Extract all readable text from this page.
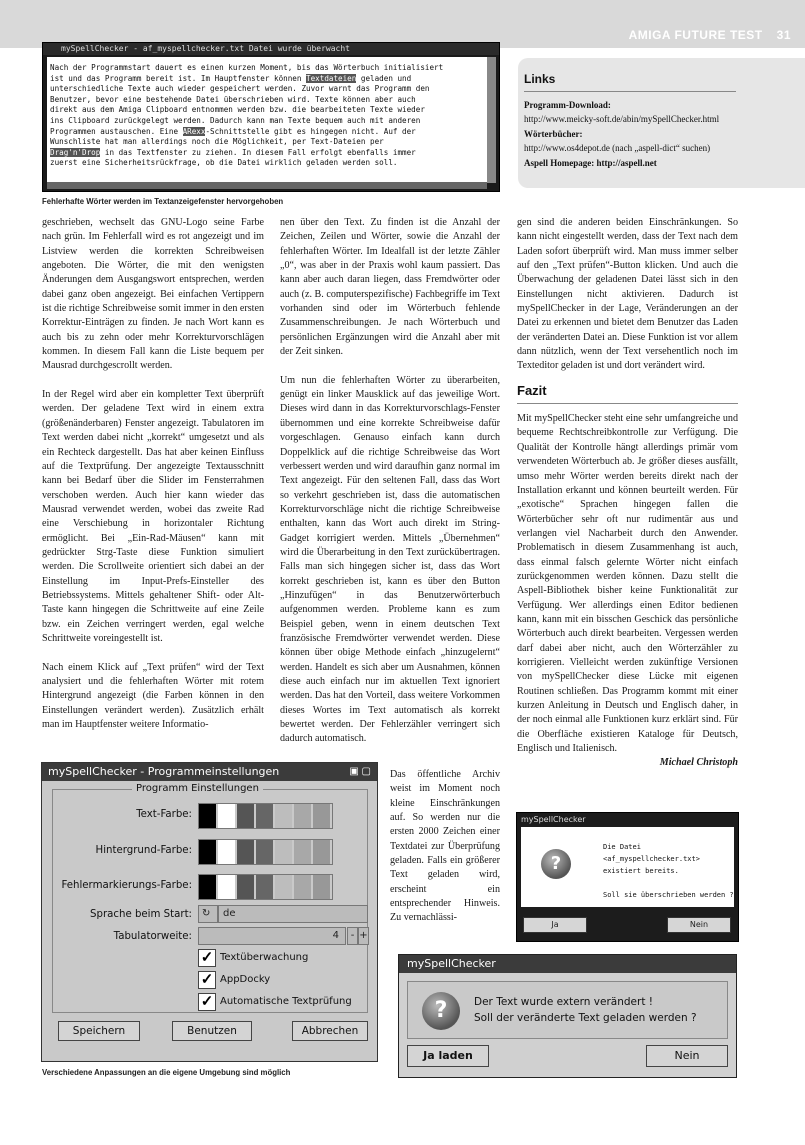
AMIGA FUTURE TEST 31
mySpellChecker - af_myspellchecker.txt Datei wurde überwacht
Nach der Programmstart dauert es einen kurzen Moment, bis das Wörterbuch initialisiert
ist und das Programm bereit ist. Im Hauptfenster können Textdateien geladen und
unterschiedliche Texte auch wieder gespeichert werden. Zuvor warnt das Programm den
Benutzer, bevor eine bestehende Datei überschrieben wird. Texte können aber auch
direkt aus dem Amiga Clipboard entnommen werden bzw. die bearbeiteten Texte wieder
ins Clipboard zurückgelegt werden. Dadurch kann man Texte bequem auch mit anderen
Programmen austauschen. Eine ARexx-Schnittstelle gibt es hingegen nicht. Auf der
Wunschliste hat man allerdings noch die Möglichkeit, per Text-Dateien per
Drag'n'Drop in das Textfenster zu ziehen. In diesem Fall erfolgt ebenfalls immer
zuerst eine Sicherheitsrückfrage, ob die Datei wirklich geladen werden soll.
Fehlerhafte Wörter werden im Textanzeigefenster hervorgehoben
Links
Programm-Download:
http://www.meicky-soft.de/abin/mySpellChecker.html
Wörterbücher:
http://www.os4depot.de (nach „aspell-dict“ suchen)
Aspell Homepage: http://aspell.net

geschrieben, wechselt das GNU-Logo seine Farbe nach grün. Im Fehlerfall wird es rot angezeigt und im Listview werden die korrekten Schreibweisen angeboten. Die Wörter, die mit den wenigsten Änderungen dem Ausgangswort entsprechen, werden dabei ganz oben angezeigt. Bei einfachen Vertippern ist die richtige Schreibweise somit immer in den ersten Korrektur-Einträgen zu finden. Je nach Wort kann es auch bis zu zehn oder mehr Korrekturvorschlägen kommen. In diesem Fall kann die Liste bequem per Mausrad durchgescrollt werden.

In der Regel wird aber ein kompletter Text überprüft werden. Der geladene Text wird in einem extra (größenänderbaren) Fenster angezeigt. Tabulatoren im Text werden dabei nicht „korrekt“ umgesetzt und als ein Rechteck dargestellt. Das hat aber keinen Einfluss auf die Textprüfung. Der angezeigte Textausschnitt kann bei Bedarf über die Slider im Fensterrahmen verschoben werden. Auch hier kann wieder das Mausrad verwendet werden, wobei das zweite Rad eine Verschiebung in horizontaler Richtung ermöglicht. Bei „Ein-Rad-Mäusen“ kann mit gedrückter Strg-Taste diese Funktion simuliert werden. Die Scrollweite orientiert sich dabei an der Einstellung im Input-Prefs-Einsteller des Betriebssystems. Mittels gehaltener Shift- oder Alt-Taste kann hingegen die Schrittweite auf eine Zeile bzw. ein Zeichen verringert werden, egal welche Schrittweite voreingestellt ist.

Nach einem Klick auf „Text prüfen“ wird der Text analysiert und die fehlerhaften Wörter mit rotem Hintergrund angezeigt (die Farben können in den Einstellungen verändert werden). Zusätzlich erhält man im Hauptfenster weitere Informatio-

nen über den Text. Zu finden ist die Anzahl der Zeichen, Zeilen und Wörter, sowie die Anzahl der fehlerhaften Wörter. Im Idealfall ist der letzte Zähler „0“, was aber in der Praxis wohl kaum passiert. Das kann aber auch daran liegen, dass Fremdwörter oder auch (z. B. computerspezifische) Fachbegriffe im Text vorhanden sind oder im Wörterbuch fehlende Zusammenschreibungen. Je nach Wörterbuch und persönlichen Ergänzungen wird die Anzahl aber mit der Zeit sinken.

Um nun die fehlerhaften Wörter zu überarbeiten, genügt ein linker Mausklick auf das jeweilige Wort. Dieses wird dann in das Korrekturvorschlags-Fenster übernommen und eine korrekte Schreibweise dafür vorgeschlagen. Genauso einfach kann durch Doppelklick auf die richtige Schreibweise das Wort verbessert werden und wird daraufhin ganz normal im Text angezeigt. Für den seltenen Fall, dass das Wort so verkehrt geschrieben ist, dass die automatischen Korrekturvorschläge nicht die richtige Schreibweise enthalten, kann das Wort auch direkt im String-Gadget korrigiert werden. Mittels „Übernehmen“ wird die Überarbeitung in den Text zurückübertragen. Falls man sich hingegen sicher ist, dass das Wort korrekt geschrieben ist, kann es über den Button „Hinzufügen“ in das Benutzerwörterbuch aufgenommen werden. Probleme kann es zum Beispiel geben, wenn in einem deutschen Text französische Fremdwörter verwendet werden. Diese können über obige Methode einfach „hinzugelernt“ werden. Handelt es sich aber um Ausnahmen, können diese auch einfach nur im aktuellen Text ignoriert werden. Das hat den Vorteil, dass weitere Vorkommen dieses Wortes im Text automatisch als korrekt bewertet werden. Der Fehlerzähler verringert sich dadurch automatisch.

gen sind die anderen beiden Einschränkungen. So kann nicht eingestellt werden, dass der Text nach dem Laden sofort überprüft wird. Man muss immer selber auf den „Text prüfen“-Button klicken. Und auch die Überwachung der geladenen Datei lässt sich in den Einstellungen nicht aktivieren. Dadurch ist mySpellChecker in der Lage, Veränderungen an der Datei zu erkennen und bietet dem Benutzer das Laden der veränderten Datei an. Diese Funktion ist vor allem dann nützlich, wenn der Text versehentlich noch im Texteditor geladen ist und dort verändert wird.

Fazit

Mit mySpellChecker steht eine sehr umfangreiche und bequeme Rechtschreibkontrolle zur Verfügung. Die Qualität der Kontrolle hängt allerdings primär vom verwendeten Wörterbuch ab. Je größer dieses ausfällt, umso mehr Wörter werden bereits direkt nach der Installation erkannt und können beurteilt werden. Für „exotische“ Sprachen hingegen fallen die Wörterbücher sehr oft nur rudimentär aus und verlangen viel Nacharbeit durch den Anwender. Problematisch in diesem Zusammenhang ist auch, dass einmal falsch gelernte Wörter nicht einfach zurückgenommen werden können. Dazu stellt die Aspell-Bibliothek bisher keine Funktionalität zur Verfügung. Wer allerdings einen Editor bedienen kann, kann mit ein bisschen Geschick das persönliche Wörterbuch auch direkt bearbeiten. Vergessen werden darf dabei aber nicht, auch den Wörterzähler zu korrigieren. Vielleicht werden zukünftige Versionen von mySpellChecker diese Lücke mit eigenen Routinen schließen. Das Programm kommt mit einer kurzen Anleitung in Deutsch und Englisch daher, in der noch einmal alle Funktionen kurz erklärt sind. Für die Oberfläche existieren Kataloge für Deutsch, Englisch und Italienisch.

Michael Christoph
Das öffentliche Archiv weist im Moment noch kleine Einschränkungen auf. So werden nur die ersten 2000 Zeichen einer Textdatei zur Überprüfung geladen. Falls ein größerer Text geladen wird, erscheint ein entsprechender Hinweis. Zu vernachlässi-
mySpellChecker - Programmeinstellungen	▣ ▢
Programm Einstellungen
Text-Farbe:
Hintergrund-Farbe:
Fehlermarkierungs-Farbe:
Sprache beim Start:	↻	de
Tabulatorweite:	4	- +
✓ Textüberwachung
✓ AppDocky
✓ Automatische Textprüfung
Speichern	Benutzen	Abbrechen
Verschiedene Anpassungen an die eigene Umgebung sind möglich
mySpellChecker
?
Die Datei
<af_myspellchecker.txt>
existiert bereits.

Soll sie überschrieben werden ?
Ja	Nein
mySpellChecker
?	Der Text wurde extern verändert !
Soll der veränderte Text geladen werden ?
Ja laden	Nein
